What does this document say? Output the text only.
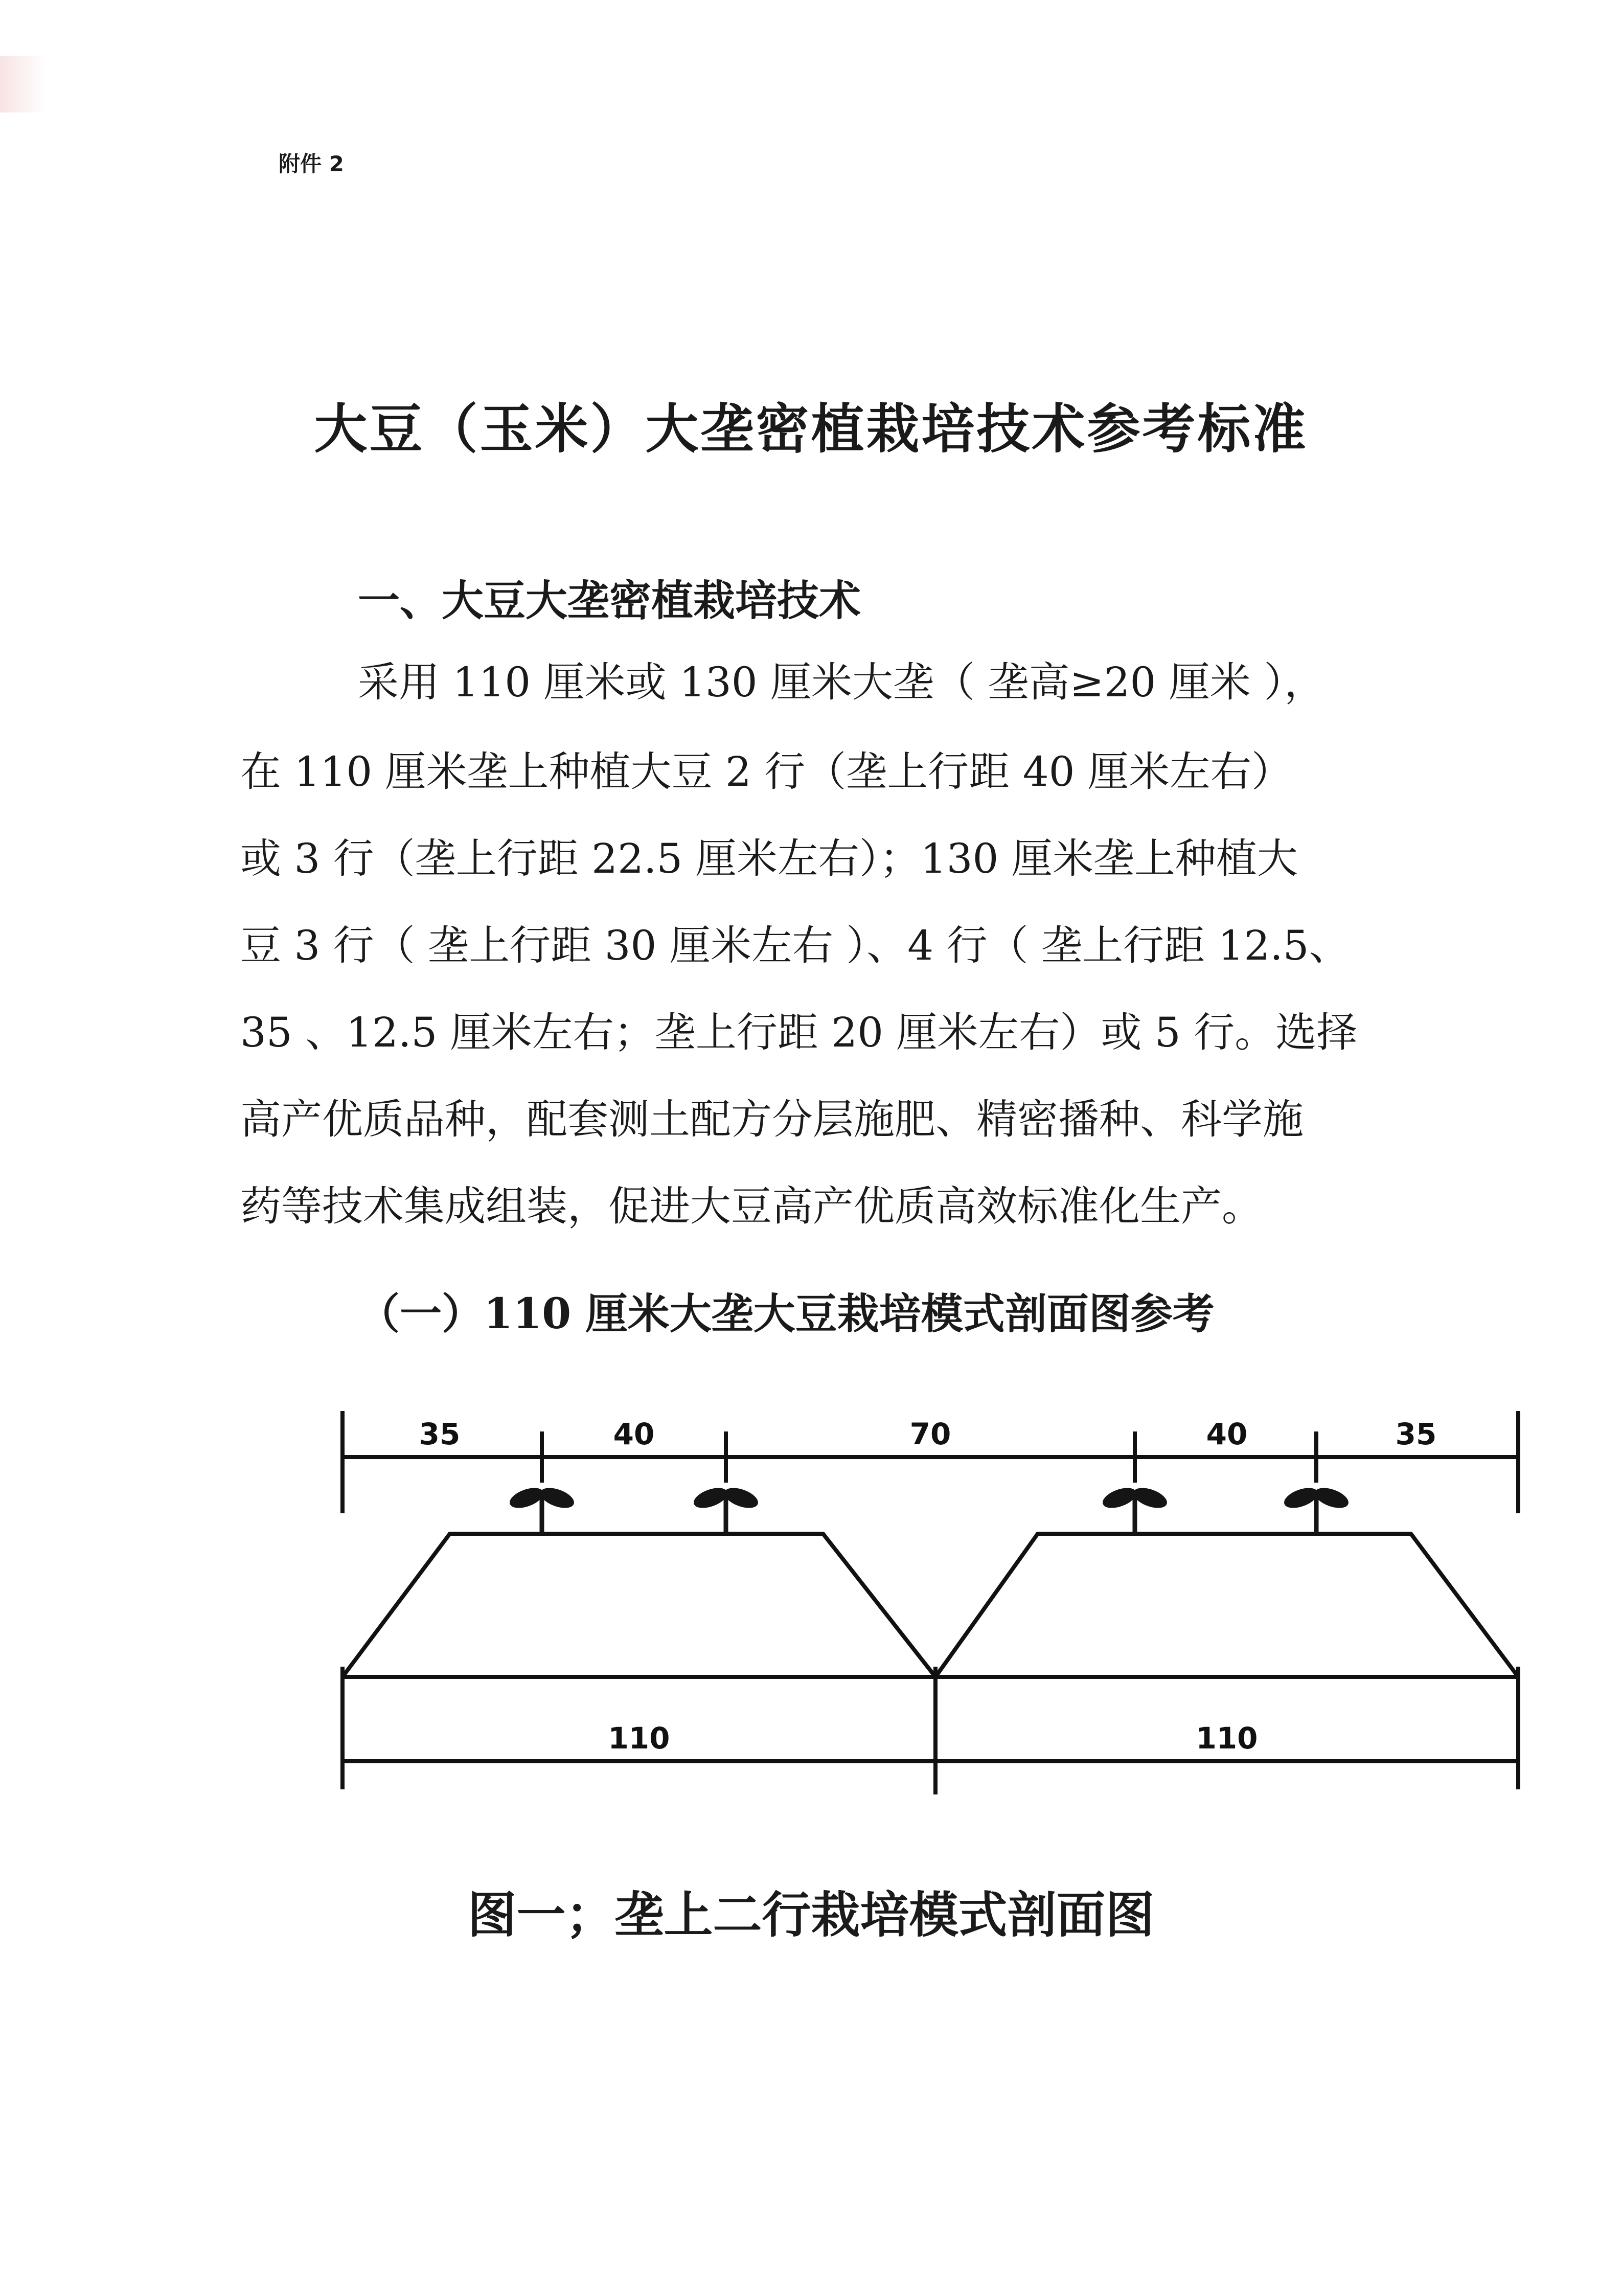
附件 2
大豆（玉米）大垄密植栽培技术参考标准
一、大豆大垄密植栽培技术
采用 110 厘米或 130 厘米大垄（ 垄高≥20 厘米 ），
在 110 厘米垄上种植大豆 2 行（垄上行距 40 厘米左右）
或 3 行（垄上行距 22.5 厘米左右）；130 厘米垄上种植大
豆 3 行（ 垄上行距 30 厘米左右 ）、4 行（ 垄上行距 12.5、
35 、12.5 厘米左右；垄上行距 20 厘米左右）或 5 行。选择
高产优质品种，配套测土配方分层施肥、精密播种、科学施
药等技术集成组装，促进大豆高产优质高效标准化生产。
（一）110 厘米大垄大豆栽培模式剖面图参考
35	40	70	40	35
110	110
图一；垄上二行栽培模式剖面图
